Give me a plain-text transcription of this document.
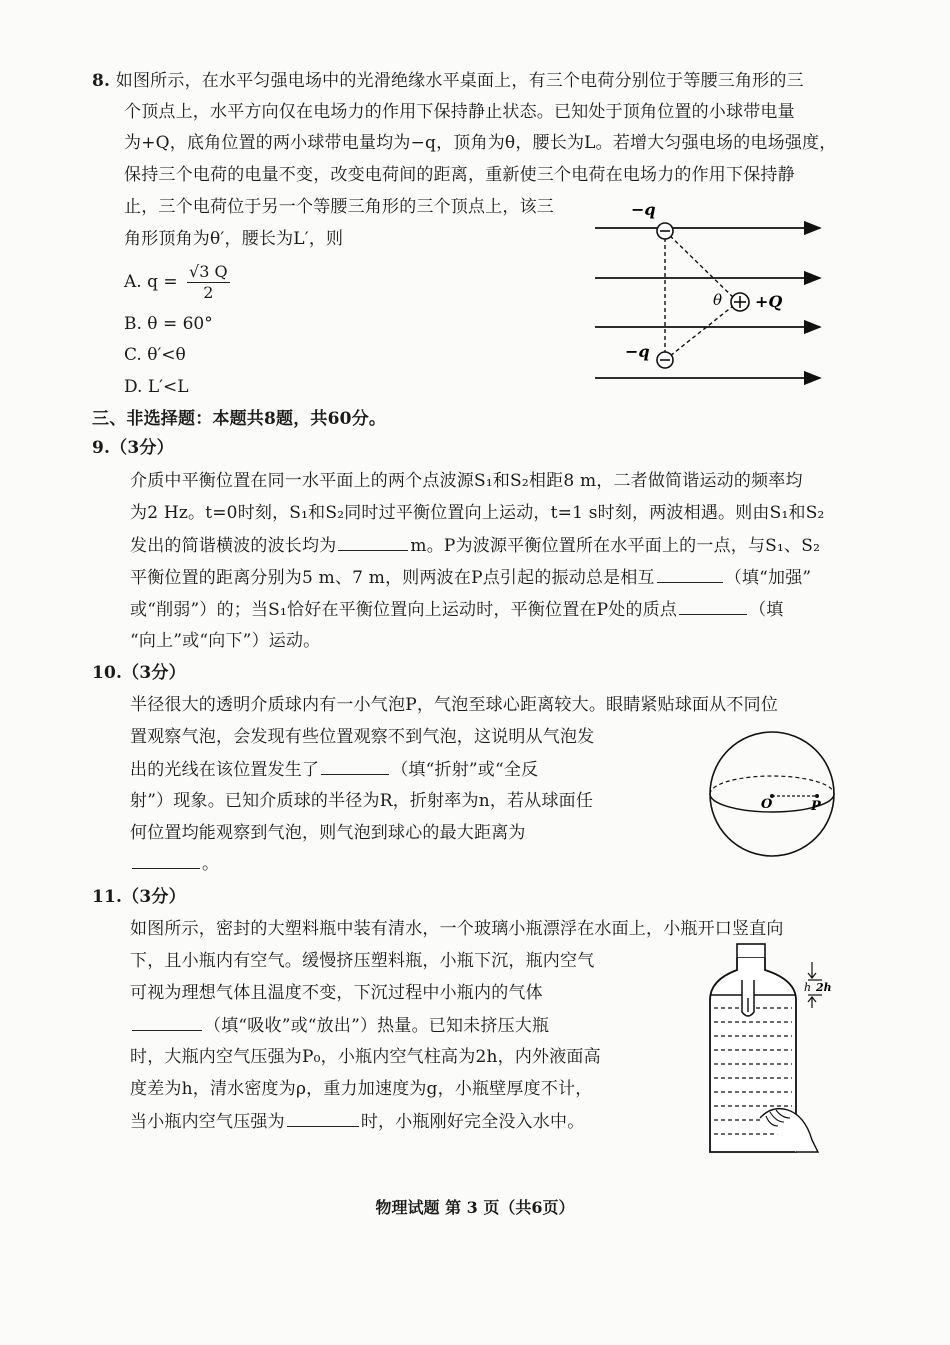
8. 如图所示，在水平匀强电场中的光滑绝缘水平桌面上，有三个电荷分别位于等腰三角形的三
个顶点上，水平方向仅在电场力的作用下保持静止状态。已知处于顶角位置的小球带电量
为+Q，底角位置的两小球带电量均为−q，顶角为θ，腰长为L。若增大匀强电场的电场强度，
保持三个电荷的电量不变，改变电荷间的距离，重新使三个电荷在电场力的作用下保持静
止，三个电荷位于另一个等腰三角形的三个顶点上，该三
角形顶角为θ′，腰长为L′，则
A. $q = \frac{√3 Q}{2}$
B. θ = 60°
C. θ′<θ
D. L′<L
−q
−q
+Q
θ
三、非选择题：本题共8题，共60分。
9.（3分）
介质中平衡位置在同一水平面上的两个点波源S₁和S₂相距8 m，二者做简谐运动的频率均
为2 Hz。t=0时刻，S₁和S₂同时过平衡位置向上运动，t=1 s时刻，两波相遇。则由S₁和S₂
发出的简谐横波的波长均为	m。P为波源平衡位置所在水平面上的一点，与S₁、S₂
平衡位置的距离分别为5 m、7 m，则两波在P点引起的振动总是相互	（填“加强”
或“削弱”）的；当S₁恰好在平衡位置向上运动时，平衡位置在P处的质点	（填
“向上”或“向下”）运动。
10.（3分）
半径很大的透明介质球内有一小气泡P，气泡至球心距离较大。眼睛紧贴球面从不同位
置观察气泡，会发现有些位置观察不到气泡，这说明从气泡发
出的光线在该位置发生了	（填“折射”或“全反
射”）现象。已知介质球的半径为R，折射率为n，若从球面任
何位置均能观察到气泡，则气泡到球心的最大距离为
。
O	P
11.（3分）
如图所示，密封的大塑料瓶中装有清水，一个玻璃小瓶漂浮在水面上，小瓶开口竖直向
下，且小瓶内有空气。缓慢挤压塑料瓶，小瓶下沉，瓶内空气
可视为理想气体且温度不变，下沉过程中小瓶内的气体
（填“吸收”或“放出”）热量。已知未挤压大瓶
时，大瓶内空气压强为P₀，小瓶内空气柱高为2h，内外液面高
度差为h，清水密度为ρ，重力加速度为g，小瓶壁厚度不计，
当小瓶内空气压强为	时，小瓶刚好完全没入水中。
h 2h
物理试题 第 3 页（共6页）
